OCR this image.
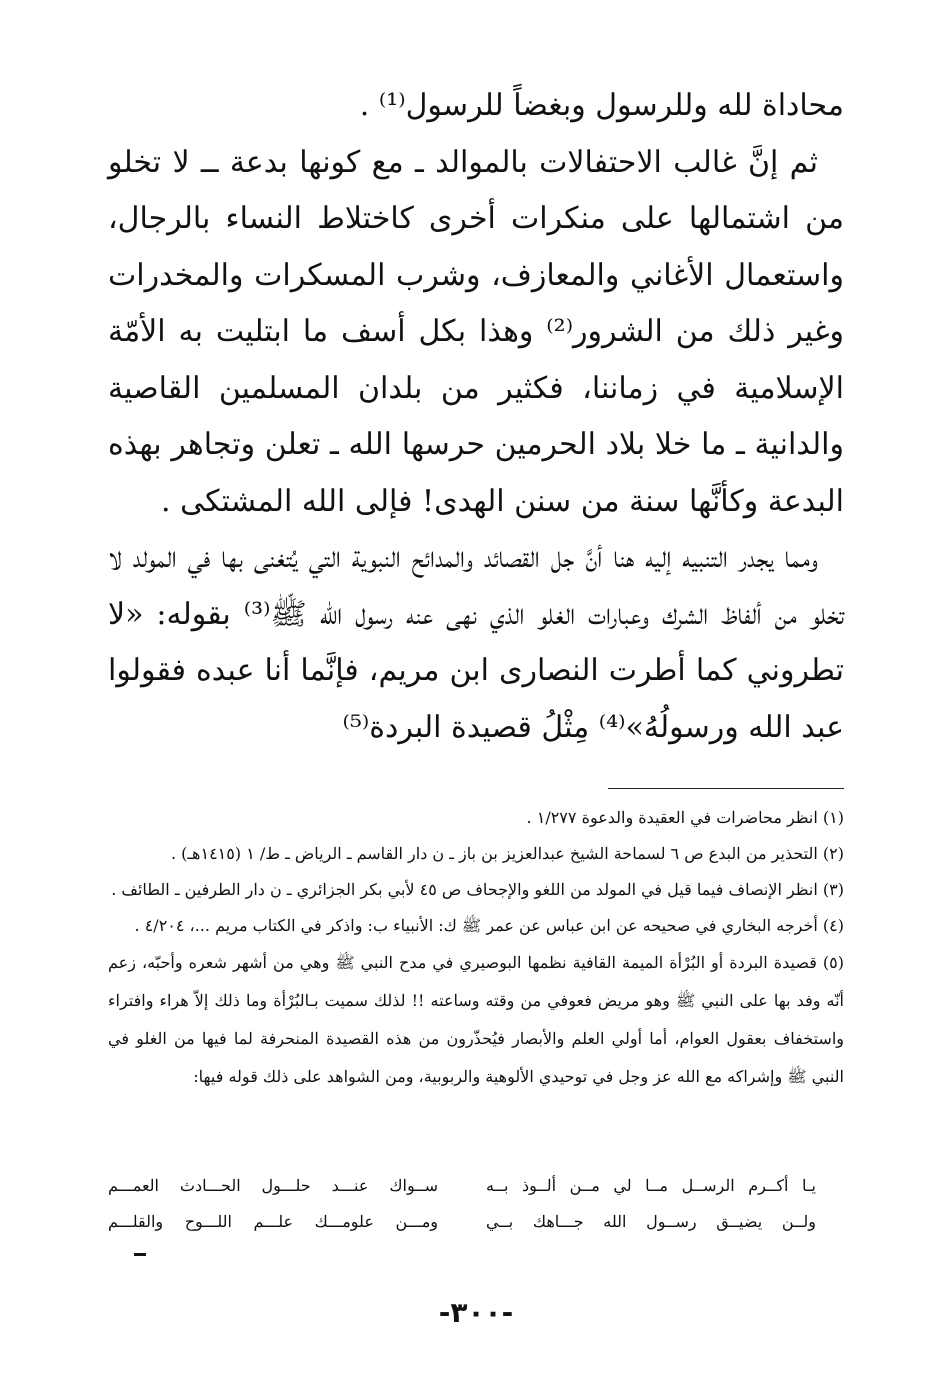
محاداة لله وللرسول وبغضاً للرسول⁽¹⁾ .

ثم إنَّ غالب الاحتفالات بالموالد ـ مع كونها بدعة ــ لا تخلو من اشتمالها على منكرات أخرى كاختلاط النساء بالرجال، واستعمال الأغاني والمعازف، وشرب المسكرات والمخدرات وغير ذلك من الشرور⁽²⁾ وهذا بكل أسف ما ابتليت به الأمّة الإسلامية في زماننا، فكثير من بلدان المسلمين القاصية والدانية ـ ما خلا بلاد الحرمين حرسها الله ـ تعلن وتجاهر بهذه البدعة وكأنَّها سنة من سنن الهدى! فإلى الله المشتكى .

ومما يجدر التنبيه إليه هنا أنَّ جل القصائد والمدائح النبوية التي يُتغنى بها في المولد لا تخلو من ألفاظ الشرك وعبارات الغلو الذي نهى عنه رسول الله ﷺ⁽³⁾ بقوله: «لا تطروني كما أطرت النصارى ابن مريم، فإنَّما أنا عبده فقولوا عبد الله ورسولُهُ»⁽⁴⁾ مِثْلُ قصيدة البردة⁽⁵⁾

(١) انظر محاضرات في العقيدة والدعوة ١/٢٧٧ .

(٢) التحذير من البدع ص ٦ لسماحة الشيخ عبدالعزيز بن باز ـ ن دار القاسم ـ الرياض ـ ط/ ١ (١٤١٥هـ) .

(٣) انظر الإنصاف فيما قيل في المولد من اللغو والإجحاف ص ٤٥ لأبي بكر الجزائري ـ ن دار الطرفين ـ الطائف .

(٤) أخرجه البخاري في صحيحه عن ابن عباس عن عمر ﷺ ك: الأنبياء ب: واذكر في الكتاب مريم ...، ٤/٢٠٤ .

(٥) قصيدة البردة أو البُرْأة الميمة القافية نظمها البوصيري في مدح النبي ﷺ وهي من أشهر شعره وأحبّه، زعم أنّه وفد بها على النبي ﷺ وهو مريض فعوفي من وقته وساعته !! لذلك سميت بـالبُرْأة وما ذلك إلاّ هراء وافتراء واستخفاف بعقول العوام، أما أولي العلم والأبصار فيُحذّرون من هذه القصيدة المنحرفة لما فيها من الغلو في النبي ﷺ وإشراكه مع الله عز وجل في توحيدي الألوهية والربوبية، ومن الشواهد على ذلك قوله فيها:

يـا أكــرم الرســل مــا لي مــن ألــوذ بــه
ســواك عنـــد حلـــول الحـــادث العمـــم
ولــن يضيــق رســول الله جـــاهك بــي
ومـــن علومـــك علـــم اللـــوح والقلـــم
-٣٠٠-
